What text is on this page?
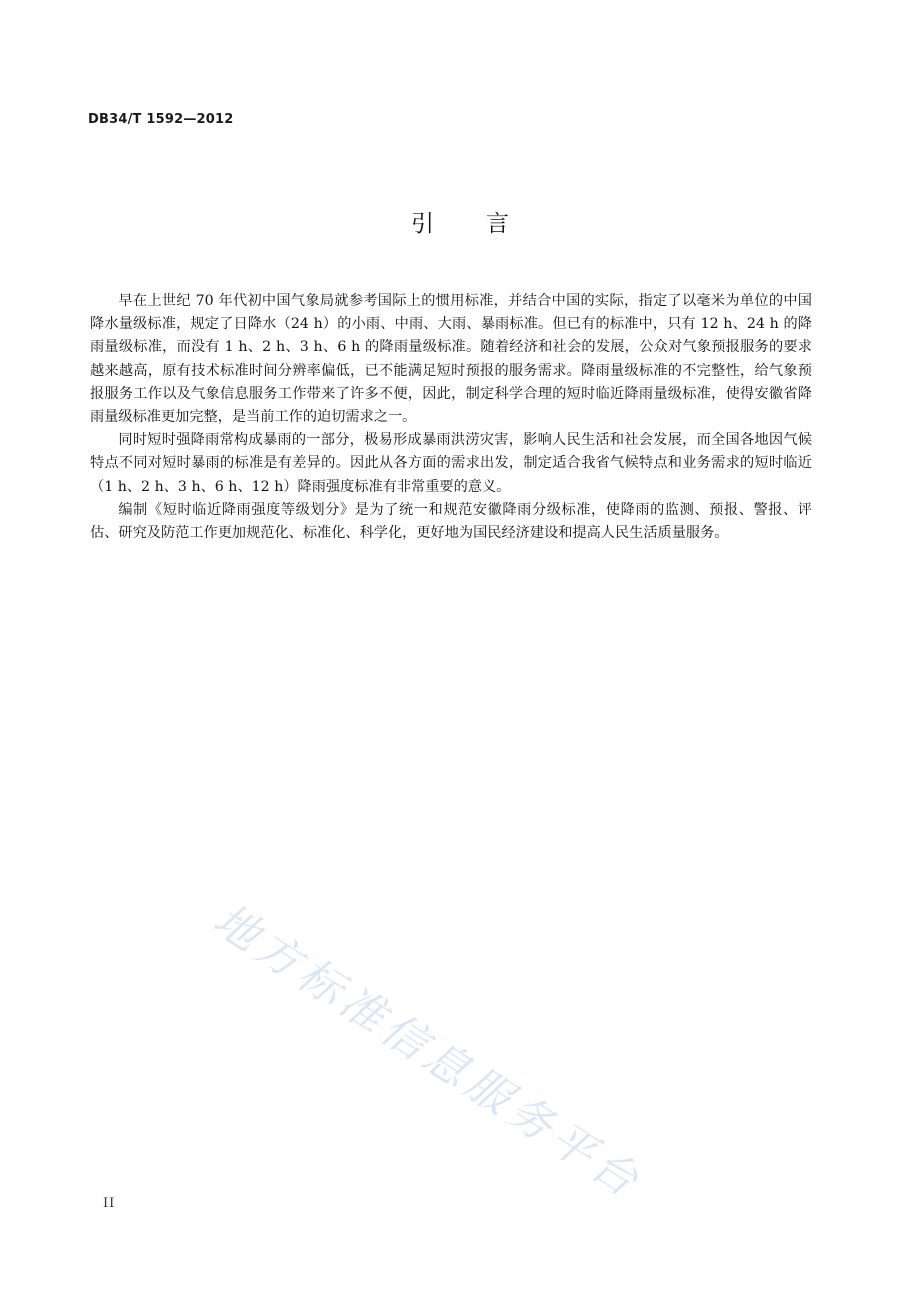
DB34/T 1592—2012
引言

早在上世纪 70 年代初中国气象局就参考国际上的惯用标准，并结合中国的实际，指定了以毫米为单位的中国降水量级标准，规定了日降水（24 h）的小雨、中雨、大雨、暴雨标准。但已有的标准中，只有 12 h、24 h 的降雨量级标准，而没有 1 h、2 h、3 h、6 h 的降雨量级标准。随着经济和社会的发展，公众对气象预报服务的要求越来越高，原有技术标准时间分辨率偏低，已不能满足短时预报的服务需求。降雨量级标准的不完整性，给气象预报服务工作以及气象信息服务工作带来了许多不便，因此，制定科学合理的短时临近降雨量级标准，使得安徽省降雨量级标准更加完整，是当前工作的迫切需求之一。

同时短时强降雨常构成暴雨的一部分，极易形成暴雨洪涝灾害，影响人民生活和社会发展，而全国各地因气候特点不同对短时暴雨的标准是有差异的。因此从各方面的需求出发，制定适合我省气候特点和业务需求的短时临近（1 h、2 h、3 h、6 h、12 h）降雨强度标准有非常重要的意义。

编制《短时临近降雨强度等级划分》是为了统一和规范安徽降雨分级标准，使降雨的监测、预报、警报、评估、研究及防范工作更加规范化、标准化、科学化，更好地为国民经济建设和提高人民生活质量服务。

地方标准信息服务平台
II
